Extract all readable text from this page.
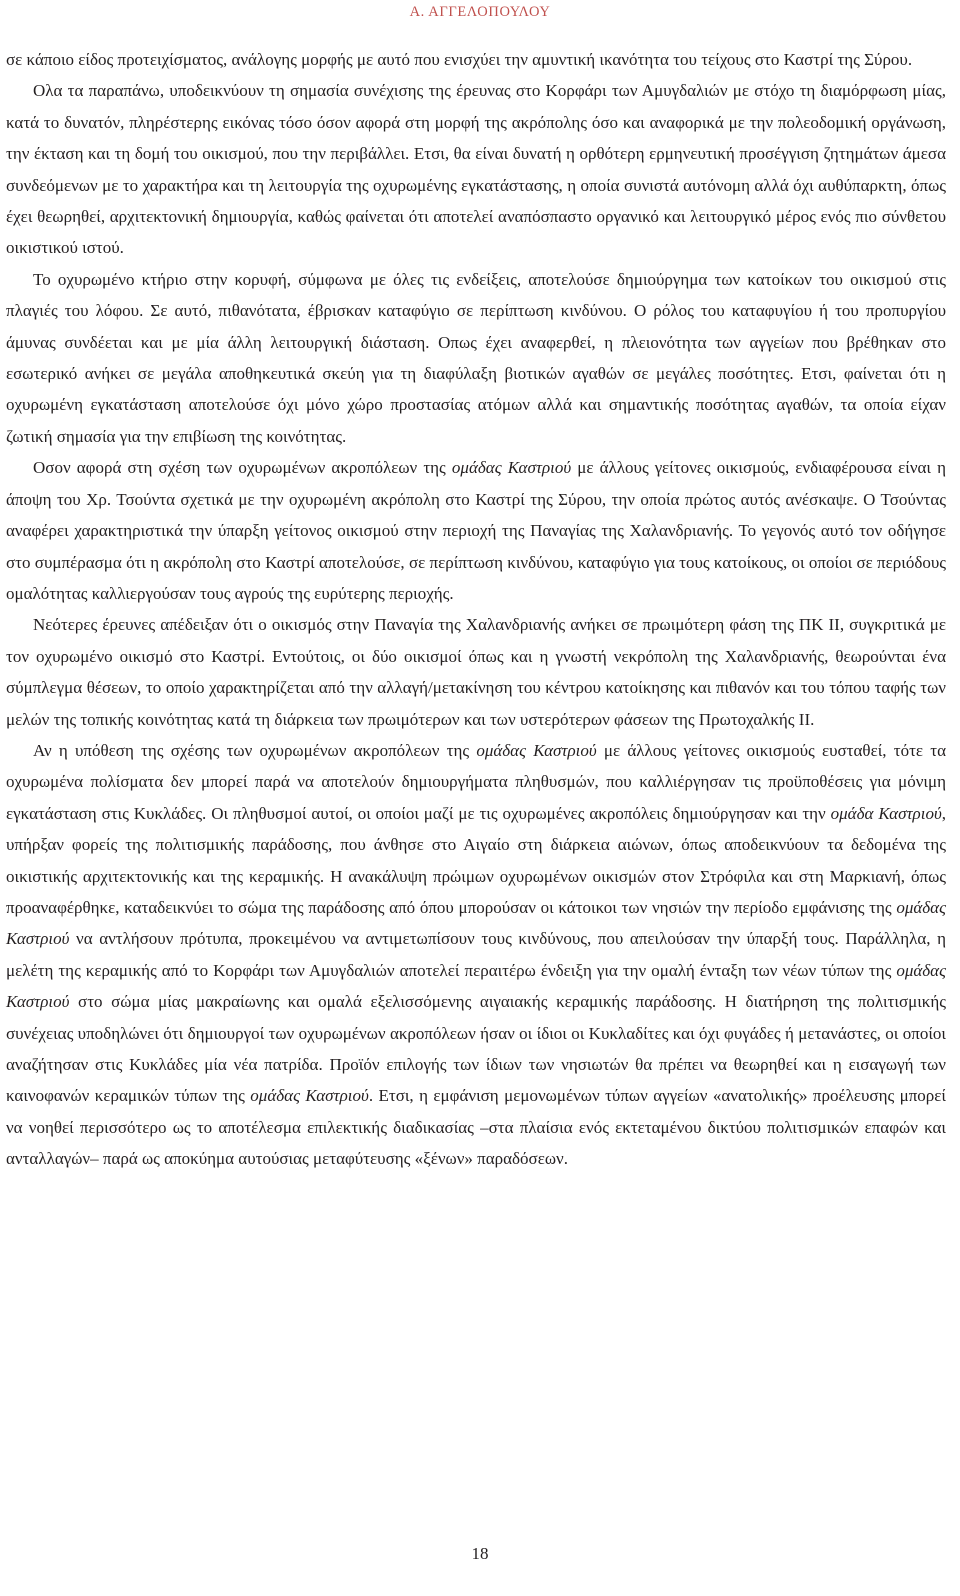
Α. ΑΓΓΕΛΟΠΟΥΛΟΥ

σε κάποιο είδος προτειχίσματος, ανάλογης μορφής με αυτό που ενισχύει την αμυντική ικανότητα του τείχους στο Καστρί της Σύρου.

Ολα τα παραπάνω, υποδεικνύουν τη σημασία συνέχισης της έρευνας στο Κορφάρι των Αμυγδαλιών με στόχο τη διαμόρφωση μίας, κατά το δυνατόν, πληρέστερης εικόνας τόσο όσον αφορά στη μορφή της ακρόπολης όσο και αναφορικά με την πολεοδομική οργάνωση, την έκταση και τη δομή του οικισμού, που την περιβάλλει. Ετσι, θα είναι δυνατή η ορθότερη ερμηνευτική προσέγγιση ζητημάτων άμεσα συνδεόμενων με το χαρακτήρα και τη λειτουργία της οχυρωμένης εγκατάστασης, η οποία συνιστά αυτόνομη αλλά όχι αυθύπαρκτη, όπως έχει θεωρηθεί, αρχιτεκτονική δημιουργία, καθώς φαίνεται ότι αποτελεί αναπόσπαστο οργανικό και λειτουργικό μέρος ενός πιο σύνθετου οικιστικού ιστού.

Το οχυρωμένο κτήριο στην κορυφή, σύμφωνα με όλες τις ενδείξεις, αποτελούσε δημιούργημα των κατοίκων του οικισμού στις πλαγιές του λόφου. Σε αυτό, πιθανότατα, έβρισκαν καταφύγιο σε περίπτωση κινδύνου. Ο ρόλος του καταφυγίου ή του προπυργίου άμυνας συνδέεται και με μία άλλη λειτουργική διάσταση. Οπως έχει αναφερθεί, η πλειονότητα των αγγείων που βρέθηκαν στο εσωτερικό ανήκει σε μεγάλα αποθηκευτικά σκεύη για τη διαφύλαξη βιοτικών αγαθών σε μεγάλες ποσότητες. Ετσι, φαίνεται ότι η οχυρωμένη εγκατάσταση αποτελούσε όχι μόνο χώρο προστασίας ατόμων αλλά και σημαντικής ποσότητας αγαθών, τα οποία είχαν ζωτική σημασία για την επιβίωση της κοινότητας.

Οσον αφορά στη σχέση των οχυρωμένων ακροπόλεων της ομάδας Καστριού με άλλους γείτονες οικισμούς, ενδιαφέρουσα είναι η άποψη του Χρ. Τσούντα σχετικά με την οχυρωμένη ακρόπολη στο Καστρί της Σύρου, την οποία πρώτος αυτός ανέσκαψε. Ο Τσούντας αναφέρει χαρακτηριστικά την ύπαρξη γείτονος οικισμού στην περιοχή της Παναγίας της Χαλανδριανής. Το γεγονός αυτό τον οδήγησε στο συμπέρασμα ότι η ακρόπολη στο Καστρί αποτελούσε, σε περίπτωση κινδύνου, καταφύγιο για τους κατοίκους, οι οποίοι σε περιόδους ομαλότητας καλλιεργούσαν τους αγρούς της ευρύτερης περιοχής.

Νεότερες έρευνες απέδειξαν ότι ο οικισμός στην Παναγία της Χαλανδριανής ανήκει σε πρωιμότερη φάση της ΠΚ ΙΙ, συγκριτικά με τον οχυρωμένο οικισμό στο Καστρί. Εντούτοις, οι δύο οικισμοί όπως και η γνωστή νεκρόπολη της Χαλανδριανής, θεωρούνται ένα σύμπλεγμα θέσεων, το οποίο χαρακτηρίζεται από την αλλαγή/μετακίνηση του κέντρου κατοίκησης και πιθανόν και του τόπου ταφής των μελών της τοπικής κοινότητας κατά τη διάρκεια των πρωιμότερων και των υστερότερων φάσεων της Πρωτοχαλκής ΙΙ.

Αν η υπόθεση της σχέσης των οχυρωμένων ακροπόλεων της ομάδας Καστριού με άλλους γείτονες οικισμούς ευσταθεί, τότε τα οχυρωμένα πολίσματα δεν μπορεί παρά να αποτελούν δημιουργήματα πληθυσμών, που καλλιέργησαν τις προϋποθέσεις για μόνιμη εγκατάσταση στις Κυκλάδες. Οι πληθυσμοί αυτοί, οι οποίοι μαζί με τις οχυρωμένες ακροπόλεις δημιούργησαν και την ομάδα Καστριού, υπήρξαν φορείς της πολιτισμικής παράδοσης, που άνθησε στο Αιγαίο στη διάρκεια αιώνων, όπως αποδεικνύουν τα δεδομένα της οικιστικής αρχιτεκτονικής και της κεραμικής. Η ανακάλυψη πρώιμων οχυρωμένων οικισμών στον Στρόφιλα και στη Μαρκιανή, όπως προαναφέρθηκε, καταδεικνύει το σώμα της παράδοσης από όπου μπορούσαν οι κάτοικοι των νησιών την περίοδο εμφάνισης της ομάδας Καστριού να αντλήσουν πρότυπα, προκειμένου να αντιμετωπίσουν τους κινδύνους, που απειλούσαν την ύπαρξή τους. Παράλληλα, η μελέτη της κεραμικής από το Κορφάρι των Αμυγδαλιών αποτελεί περαιτέρω ένδειξη για την ομαλή ένταξη των νέων τύπων της ομάδας Καστριού στο σώμα μίας μακραίωνης και ομαλά εξελισσόμενης αιγαιακής κεραμικής παράδοσης. Η διατήρηση της πολιτισμικής συνέχειας υποδηλώνει ότι δημιουργοί των οχυρωμένων ακροπόλεων ήσαν οι ίδιοι οι Κυκλαδίτες και όχι φυγάδες ή μετανάστες, οι οποίοι αναζήτησαν στις Κυκλάδες μία νέα πατρίδα. Προϊόν επιλογής των ίδιων των νησιωτών θα πρέπει να θεωρηθεί και η εισαγωγή των καινοφανών κεραμικών τύπων της ομάδας Καστριού. Ετσι, η εμφάνιση μεμονωμένων τύπων αγγείων «ανατολικής» προέλευσης μπορεί να νοηθεί περισσότερο ως το αποτέλεσμα επιλεκτικής διαδικασίας –στα πλαίσια ενός εκτεταμένου δικτύου πολιτισμικών επαφών και ανταλλαγών– παρά ως αποκύημα αυτούσιας μεταφύτευσης «ξένων» παραδόσεων.

18
